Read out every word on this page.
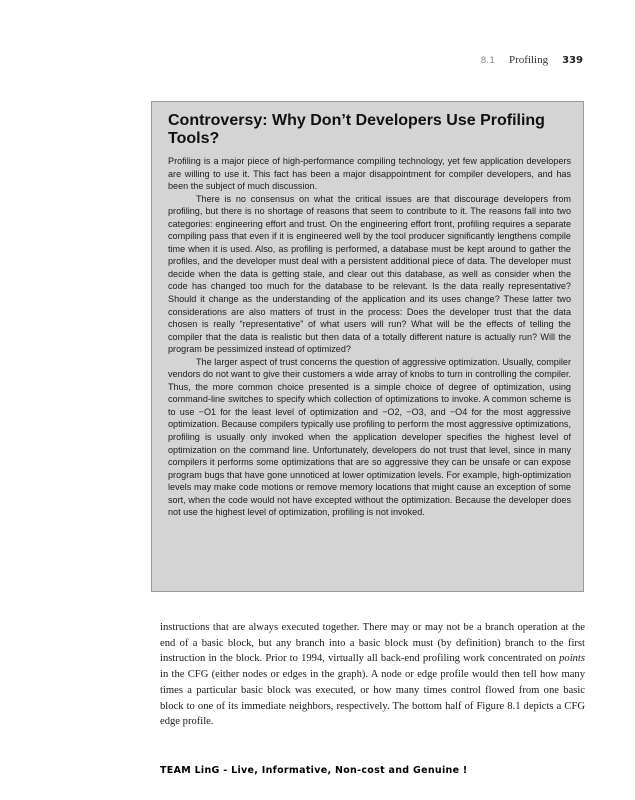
8.1 Profiling 339
Controversy: Why Don’t Developers Use Profiling Tools?

Profiling is a major piece of high-performance compiling technology, yet few application developers are willing to use it. This fact has been a major disappointment for compiler developers, and has been the subject of much discussion.

There is no consensus on what the critical issues are that discourage developers from profiling, but there is no shortage of reasons that seem to contribute to it. The reasons fall into two categories: engineering effort and trust. On the engineering effort front, profiling requires a separate compiling pass that even if it is engineered well by the tool producer significantly lengthens compile time when it is used. Also, as profiling is performed, a database must be kept around to gather the profiles, and the developer must deal with a persistent additional piece of data. The developer must decide when the data is getting stale, and clear out this database, as well as consider when the code has changed too much for the database to be relevant. Is the data really representative? Should it change as the understanding of the application and its uses change? These latter two considerations are also matters of trust in the process: Does the developer trust that the data chosen is really “representative” of what users will run? What will be the effects of telling the compiler that the data is realistic but then data of a totally different nature is actually run? Will the program be pessimized instead of optimized?

The larger aspect of trust concerns the question of aggressive optimization. Usually, compiler vendors do not want to give their customers a wide array of knobs to turn in controlling the compiler. Thus, the more common choice presented is a simple choice of degree of optimization, using command-line switches to specify which collection of optimizations to invoke. A common scheme is to use −O1 for the least level of optimization and −O2, −O3, and −O4 for the most aggressive optimization. Because compilers typically use profiling to perform the most aggressive optimizations, profiling is usually only invoked when the application developer specifies the highest level of optimization on the command line. Unfortunately, developers do not trust that level, since in many compilers it performs some optimizations that are so aggressive they can be unsafe or can expose program bugs that have gone unnoticed at lower optimization levels. For example, high-optimization levels may make code motions or remove memory locations that might cause an exception of some sort, when the code would not have excepted without the optimization. Because the developer does not use the highest level of optimization, profiling is not invoked.

instructions that are always executed together. There may or may not be a branch operation at the end of a basic block, but any branch into a basic block must (by definition) branch to the first instruction in the block. Prior to 1994, virtually all back-end profiling work concentrated on points in the CFG (either nodes or edges in the graph). A node or edge profile would then tell how many times a particular basic block was executed, or how many times control flowed from one basic block to one of its immediate neighbors, respectively. The bottom half of Figure 8.1 depicts a CFG edge profile.

TEAM LinG - Live, Informative, Non-cost and Genuine !
